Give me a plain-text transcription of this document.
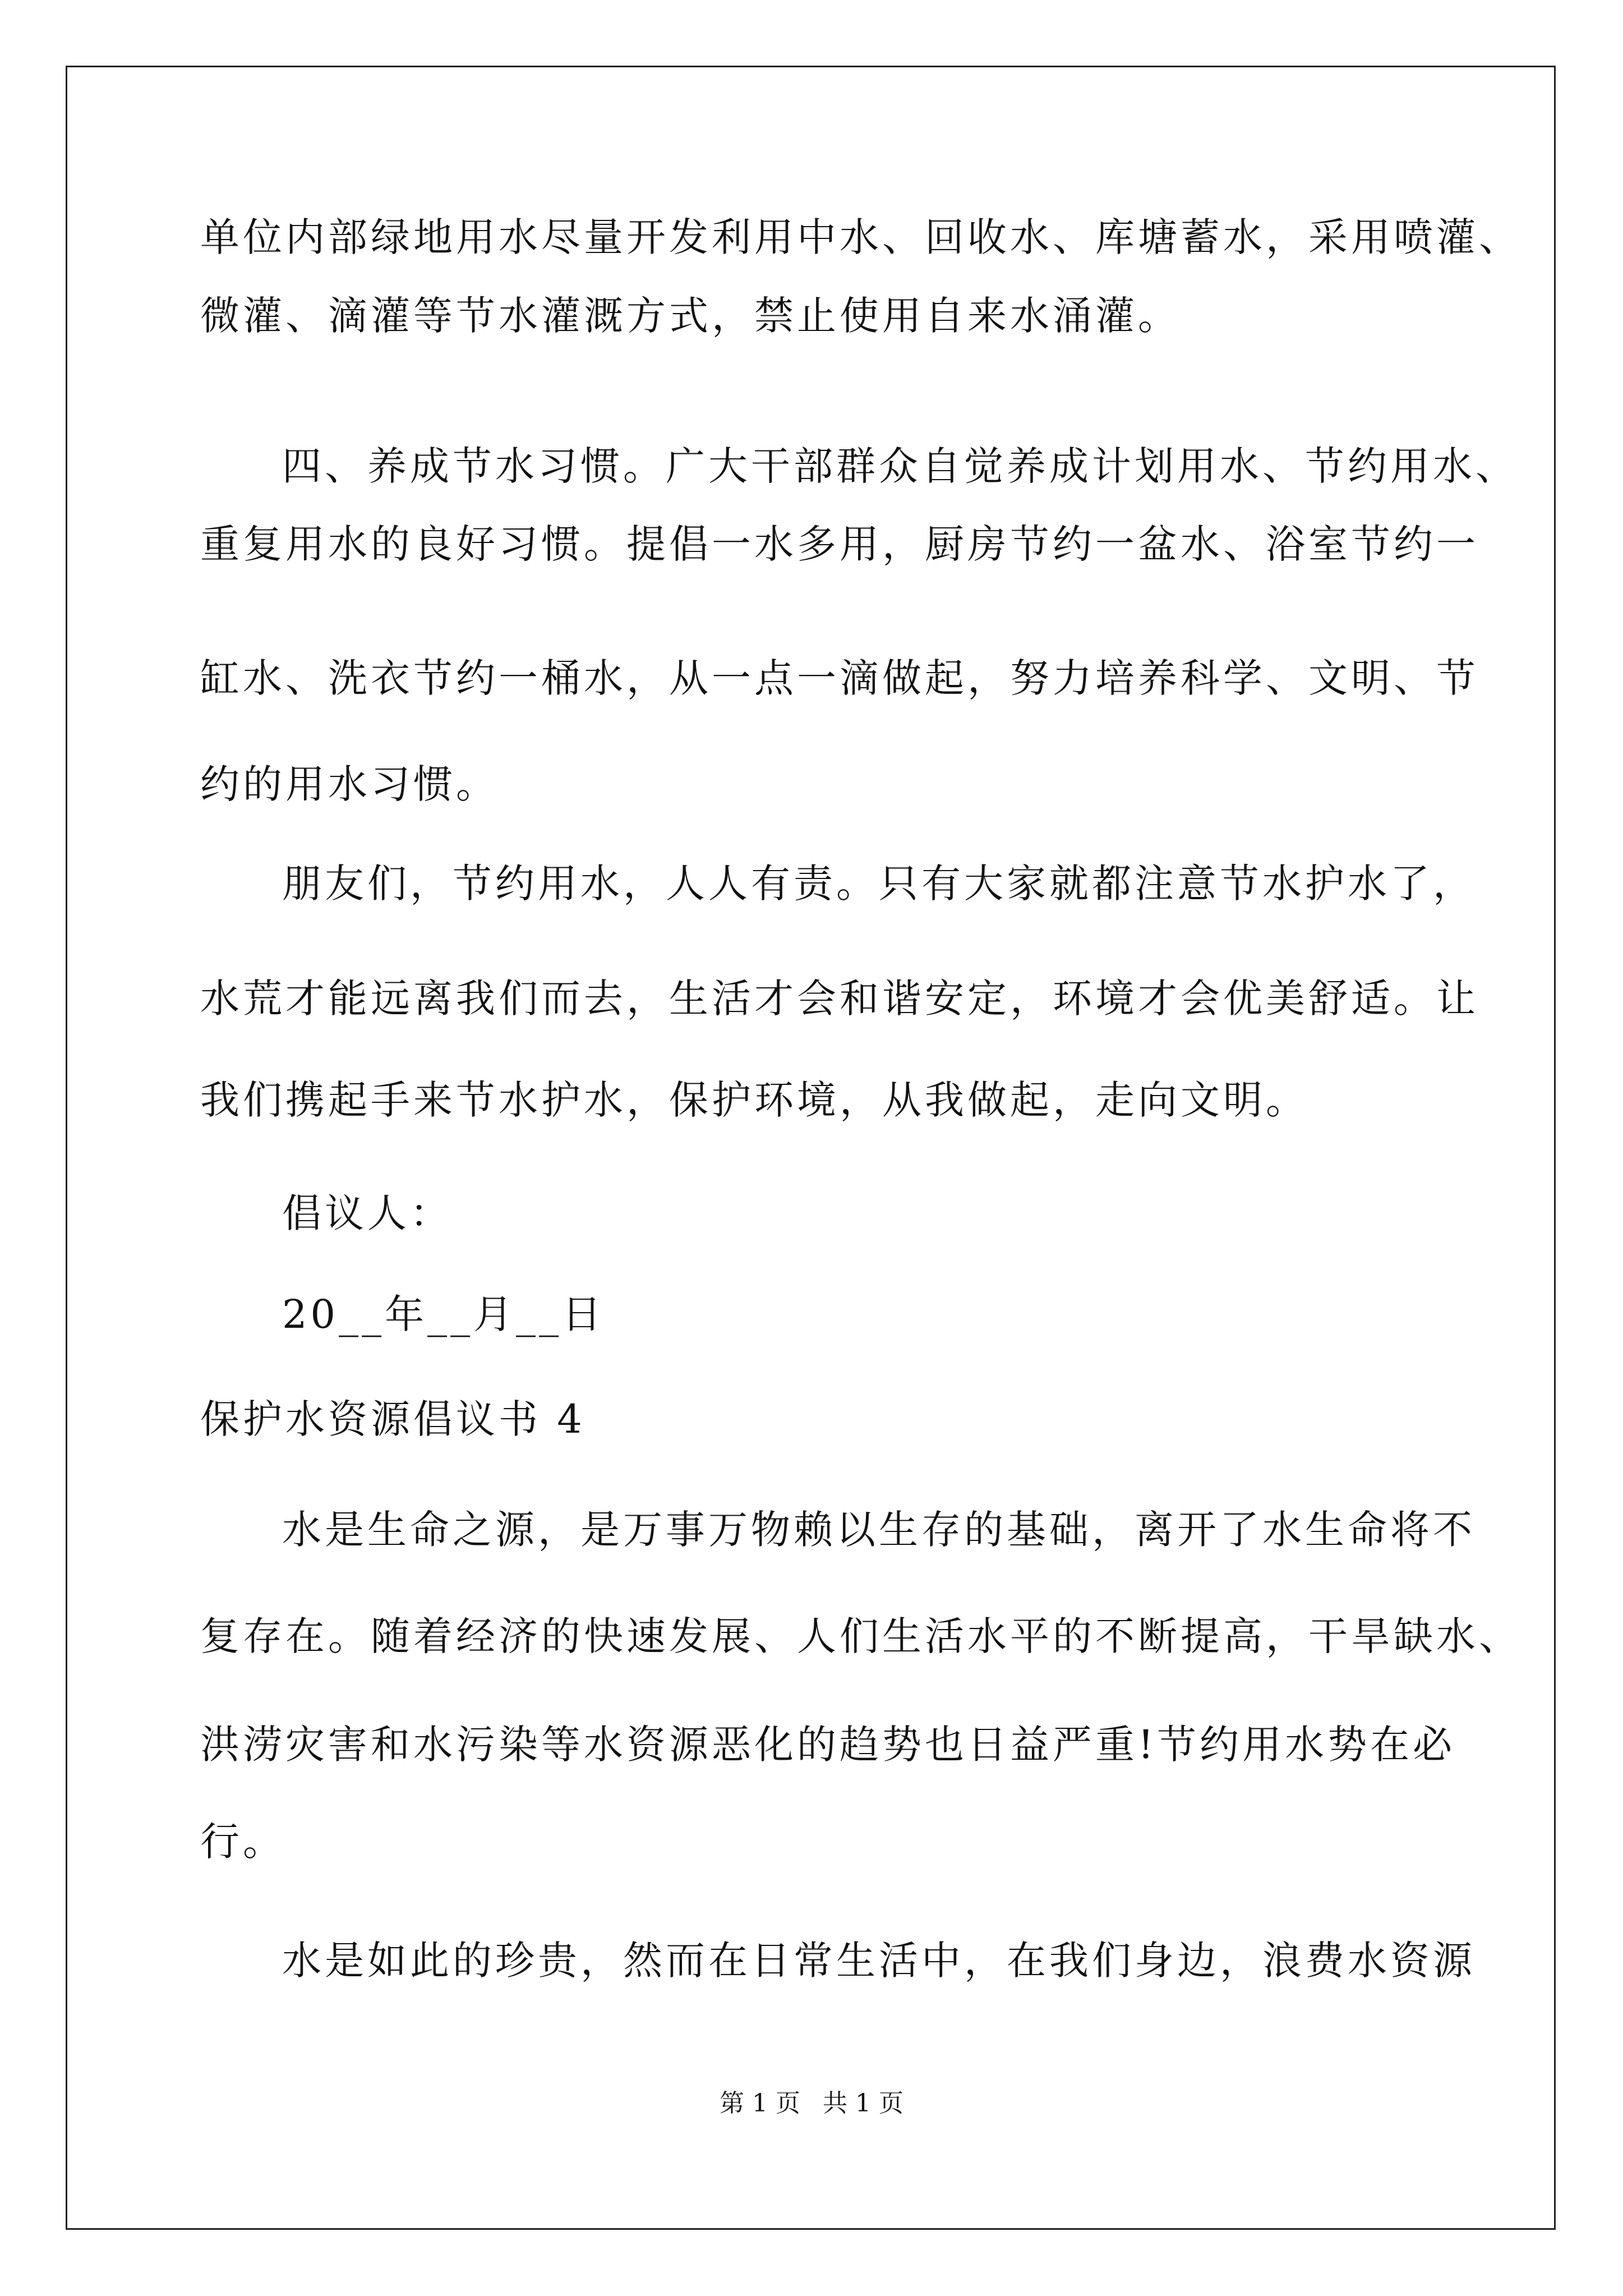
单位内部绿地用水尽量开发利用中水、回收水、库塘蓄水，采用喷灌、
微灌、滴灌等节水灌溉方式，禁止使用自来水涌灌。
四、养成节水习惯。广大干部群众自觉养成计划用水、节约用水、
重复用水的良好习惯。提倡一水多用，厨房节约一盆水、浴室节约一
缸水、洗衣节约一桶水，从一点一滴做起，努力培养科学、文明、节
约的用水习惯。
朋友们，节约用水，人人有责。只有大家就都注意节水护水了，
水荒才能远离我们而去，生活才会和谐安定，环境才会优美舒适。让
我们携起手来节水护水，保护环境，从我做起，走向文明。
倡议人：
20__年__月__日
保护水资源倡议书 4
水是生命之源，是万事万物赖以生存的基础，离开了水生命将不
复存在。随着经济的快速发展、人们生活水平的不断提高，干旱缺水、
洪涝灾害和水污染等水资源恶化的趋势也日益严重!节约用水势在必
行。
水是如此的珍贵，然而在日常生活中，在我们身边，浪费水资源
第 1 页 共 1 页
